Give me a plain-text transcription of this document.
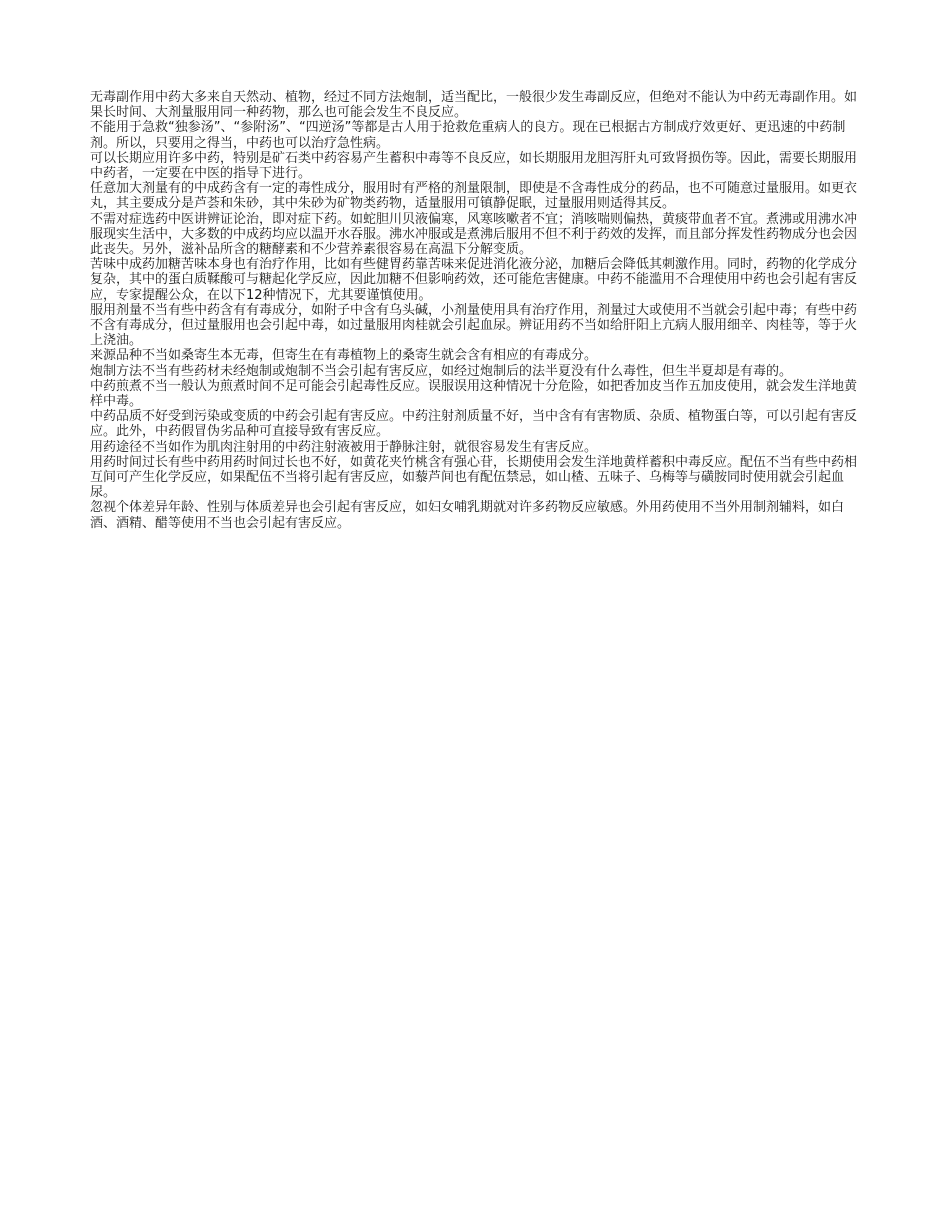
无毒副作用中药大多来自天然动、植物，经过不同方法炮制，适当配比，一般很少发生毒副反应，但绝对不能认为中药无毒副作用。如果长时间、大剂量服用同一种药物，那么也可能会发生不良反应。

不能用于急救“独参汤”、“参附汤”、“四逆汤”等都是古人用于抢救危重病人的良方。现在已根据古方制成疗效更好、更迅速的中药制剂。所以，只要用之得当，中药也可以治疗急性病。

可以长期应用许多中药，特别是矿石类中药容易产生蓄积中毒等不良反应，如长期服用龙胆泻肝丸可致肾损伤等。因此，需要长期服用中药者，一定要在中医的指导下进行。

任意加大剂量有的中成药含有一定的毒性成分，服用时有严格的剂量限制，即使是不含毒性成分的药品，也不可随意过量服用。如更衣丸，其主要成分是芦荟和朱砂，其中朱砂为矿物类药物，适量服用可镇静促眠，过量服用则适得其反。

不需对症选药中医讲辨证论治，即对症下药。如蛇胆川贝液偏寒，风寒咳嗽者不宜；消咳喘则偏热，黄痰带血者不宜。煮沸或用沸水冲服现实生活中，大多数的中成药均应以温开水吞服。沸水冲服或是煮沸后服用不但不利于药效的发挥，而且部分挥发性药物成分也会因此丧失。另外，滋补品所含的糖酵素和不少营养素很容易在高温下分解变质。

苦味中成药加糖苦味本身也有治疗作用，比如有些健胃药靠苦味来促进消化液分泌，加糖后会降低其刺激作用。同时，药物的化学成分复杂，其中的蛋白质鞣酸可与糖起化学反应，因此加糖不但影响药效，还可能危害健康。中药不能滥用不合理使用中药也会引起有害反应，专家提醒公众，在以下12种情况下，尤其要谨慎使用。

服用剂量不当有些中药含有有毒成分，如附子中含有乌头碱，小剂量使用具有治疗作用，剂量过大或使用不当就会引起中毒；有些中药不含有毒成分，但过量服用也会引起中毒，如过量服用肉桂就会引起血尿。辨证用药不当如给肝阳上亢病人服用细辛、肉桂等，等于火上浇油。

来源品种不当如桑寄生本无毒，但寄生在有毒植物上的桑寄生就会含有相应的有毒成分。

炮制方法不当有些药材未经炮制或炮制不当会引起有害反应，如经过炮制后的法半夏没有什么毒性，但生半夏却是有毒的。

中药煎煮不当一般认为煎煮时间不足可能会引起毒性反应。误服误用这种情况十分危险，如把香加皮当作五加皮使用，就会发生洋地黄样中毒。

中药品质不好受到污染或变质的中药会引起有害反应。中药注射剂质量不好，当中含有有害物质、杂质、植物蛋白等，可以引起有害反应。此外，中药假冒伪劣品种可直接导致有害反应。

用药途径不当如作为肌肉注射用的中药注射液被用于静脉注射，就很容易发生有害反应。

用药时间过长有些中药用药时间过长也不好，如黄花夹竹桃含有强心苷，长期使用会发生洋地黄样蓄积中毒反应。配伍不当有些中药相互间可产生化学反应，如果配伍不当将引起有害反应，如藜芦间也有配伍禁忌，如山楂、五味子、乌梅等与磺胺同时使用就会引起血尿。

忽视个体差异年龄、性别与体质差异也会引起有害反应，如妇女哺乳期就对许多药物反应敏感。外用药使用不当外用制剂辅料，如白酒、酒精、醋等使用不当也会引起有害反应。
